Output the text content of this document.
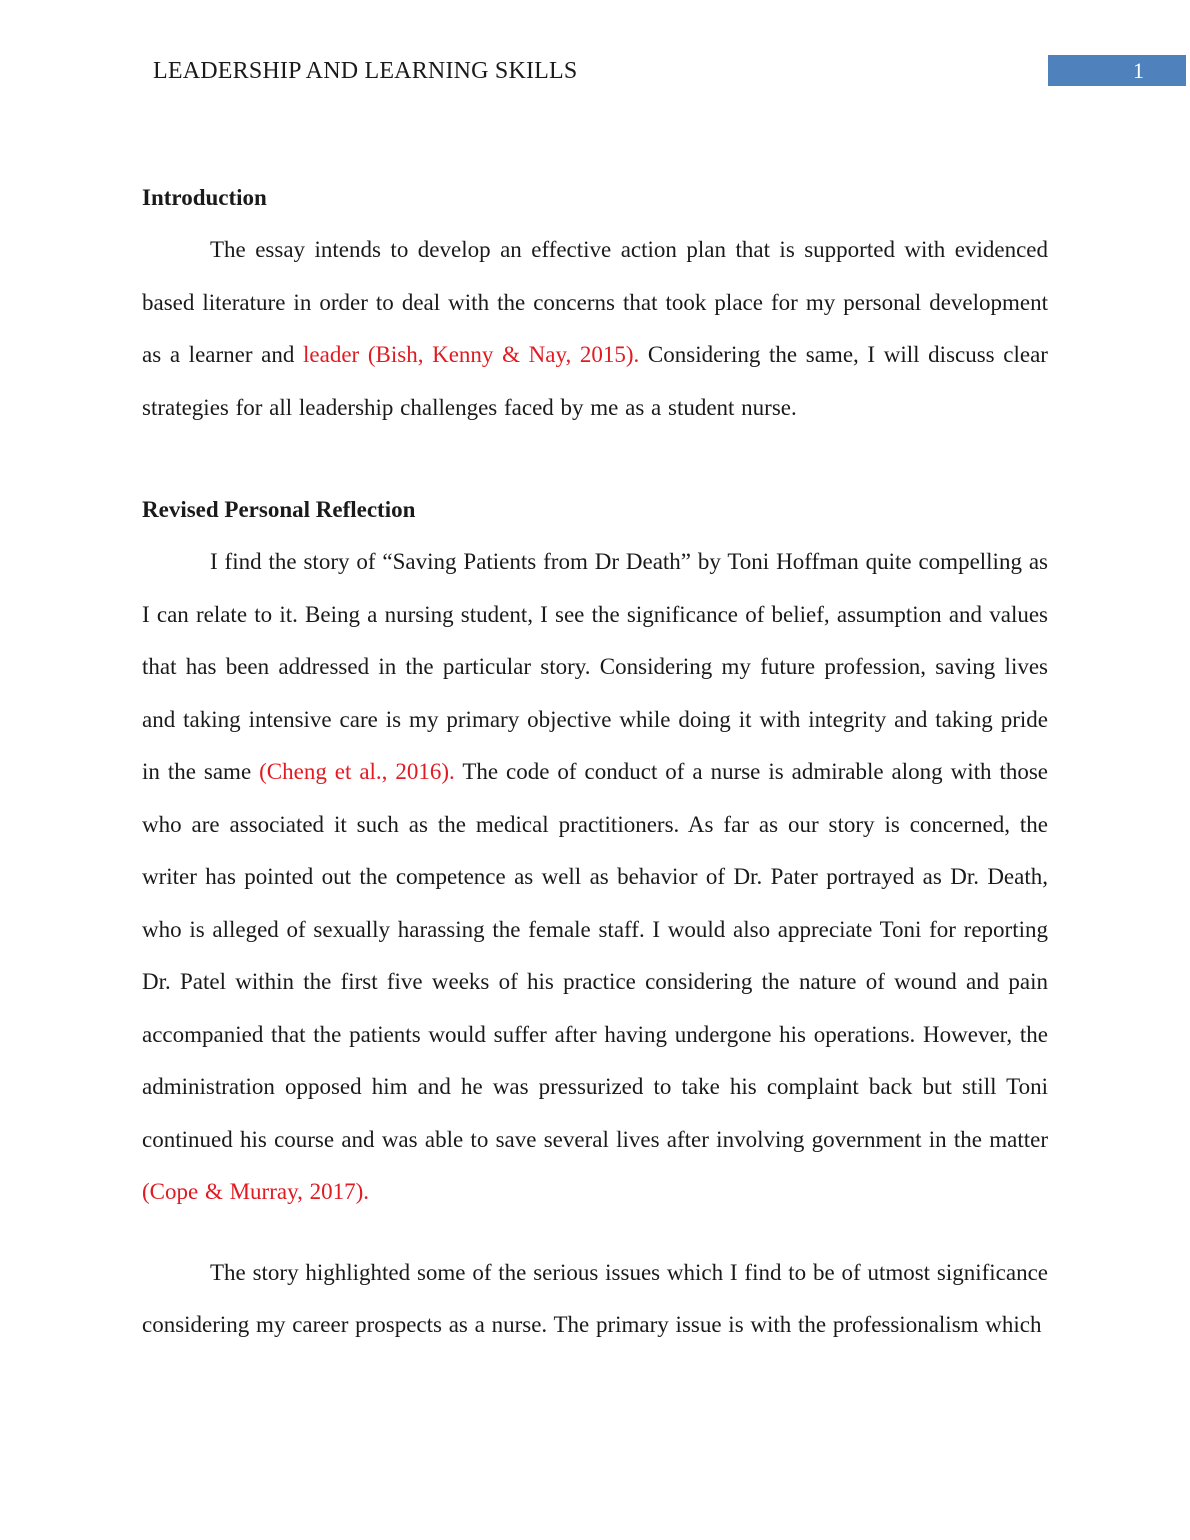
LEADERSHIP AND LEARNING SKILLS	1
Introduction

The essay intends to develop an effective action plan that is supported with evidenced based literature in order to deal with the concerns that took place for my personal development as a learner and leader (Bish, Kenny & Nay, 2015). Considering the same, I will discuss clear strategies for all leadership challenges faced by me as a student nurse.

Revised Personal Reflection

I find the story of “Saving Patients from Dr Death” by Toni Hoffman quite compelling as I can relate to it. Being a nursing student, I see the significance of belief, assumption and values that has been addressed in the particular story. Considering my future profession, saving lives and taking intensive care is my primary objective while doing it with integrity and taking pride in the same (Cheng et al., 2016). The code of conduct of a nurse is admirable along with those who are associated it such as the medical practitioners. As far as our story is concerned, the writer has pointed out the competence as well as behavior of Dr. Pater portrayed as Dr. Death, who is alleged of sexually harassing the female staff. I would also appreciate Toni for reporting Dr. Patel within the first five weeks of his practice considering the nature of wound and pain accompanied that the patients would suffer after having undergone his operations. However, the administration opposed him and he was pressurized to take his complaint back but still Toni continued his course and was able to save several lives after involving government in the matter (Cope & Murray, 2017).

The story highlighted some of the serious issues which I find to be of utmost significance considering my career prospects as a nurse. The primary issue is with the professionalism which
